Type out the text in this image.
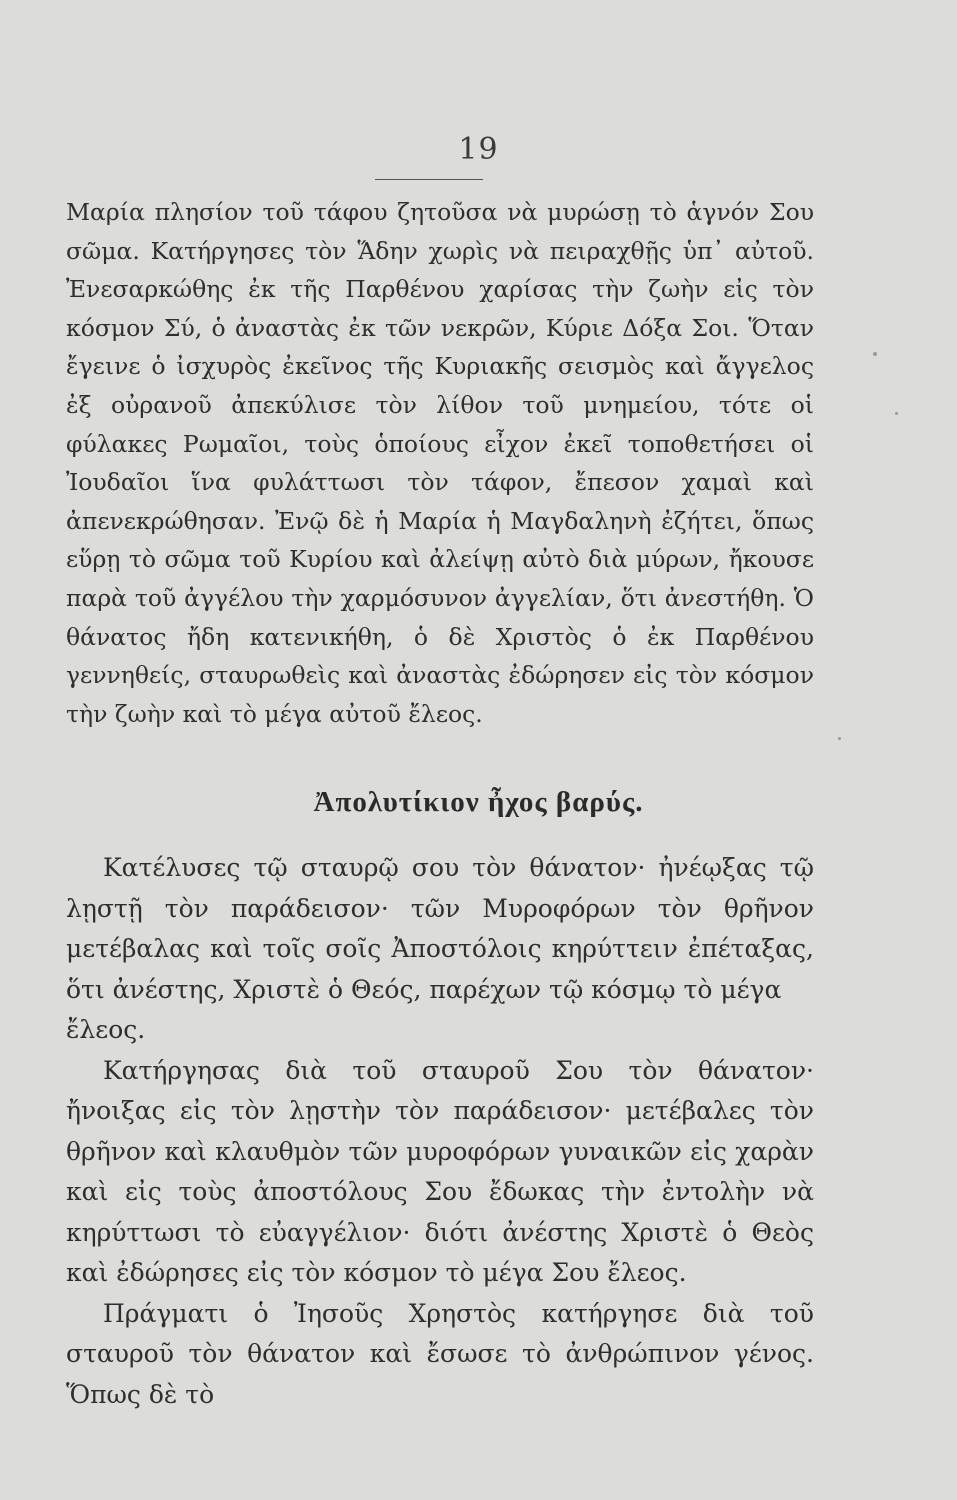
19
Μαρία πλησίον τοῦ τάφου ζητοῦσα νὰ μυρώσῃ τὸ ἁγνόν Σου σῶμα. Κατήργησες τὸν Ἅδην χωρὶς νὰ πειραχθῇς ὑπ᾽ αὐτοῦ. Ἐνεσαρκώθης ἐκ τῆς Παρθένου χαρίσας τὴν ζωὴν εἰς τὸν κόσμον Σύ, ὁ ἀναστὰς ἐκ τῶν νεκρῶν, Κύριε Δόξα Σοι. Ὅταν ἔγεινε ὁ ἰσχυρὸς ἐκεῖνος τῆς Κυριακῆς σεισμὸς καὶ ἄγγελος ἐξ οὐρανοῦ ἀπεκύλισε τὸν λίθον τοῦ μνημείου, τότε οἱ φύλακες Ρωμαῖοι, τοὺς ὁποίους εἶχον ἐκεῖ τοποθετήσει οἱ Ἰουδαῖοι ἵνα φυλάττωσι τὸν τάφον, ἔπεσον χαμαὶ καὶ ἀπενεκρώθησαν. Ἐνῷ δὲ ἡ Μαρία ἡ Μαγδαληνὴ ἐζήτει, ὅπως εὕρῃ τὸ σῶμα τοῦ Κυρίου καὶ ἀλείψῃ αὐτὸ διὰ μύρων, ἤκουσε παρὰ τοῦ ἀγγέλου τὴν χαρμόσυνον ἀγγελίαν, ὅτι ἀνεστήθη. Ὁ θάνατος ἤδη κατενικήθη, ὁ δὲ Χριστὸς ὁ ἐκ Παρθένου γεννηθείς, σταυρωθεὶς καὶ ἀναστὰς ἐδώρησεν εἰς τὸν κόσμον τὴν ζωὴν καὶ τὸ μέγα αὐτοῦ ἔλεος.
Ἀπολυτίκιον ἦχος βαρύς.

Κατέλυσες τῷ σταυρῷ σου τὸν θάνατον· ἠνέῳξας τῷ λῃστῇ τὸν παράδεισον· τῶν Μυροφόρων τὸν θρῆνον μετέβαλας καὶ τοῖς σοῖς Ἀποστόλοις κηρύττειν ἐπέταξας, ὅτι ἀνέστης, Χριστὲ ὁ Θεός, παρέχων τῷ κόσμῳ τὸ μέγα

ἔλεος.

Κατήργησας διὰ τοῦ σταυροῦ Σου τὸν θάνατον· ἤνοιξας εἰς τὸν λῃστὴν τὸν παράδεισον· μετέβαλες τὸν θρῆνον καὶ κλαυθμὸν τῶν μυροφόρων γυναικῶν εἰς χαρὰν καὶ εἰς τοὺς ἀποστόλους Σου ἔδωκας τὴν ἐντολὴν νὰ κηρύττωσι τὸ εὐαγγέλιον· διότι ἀνέστης Χριστὲ ὁ Θεὸς καὶ ἐδώρησες εἰς τὸν κόσμον τὸ μέγα Σου ἔλεος.

Πράγματι ὁ Ἰησοῦς Χρηστὸς κατήργησε διὰ τοῦ σταυροῦ τὸν θάνατον καὶ ἔσωσε τὸ ἀνθρώπινον γένος. Ὅπως δὲ τὸ
